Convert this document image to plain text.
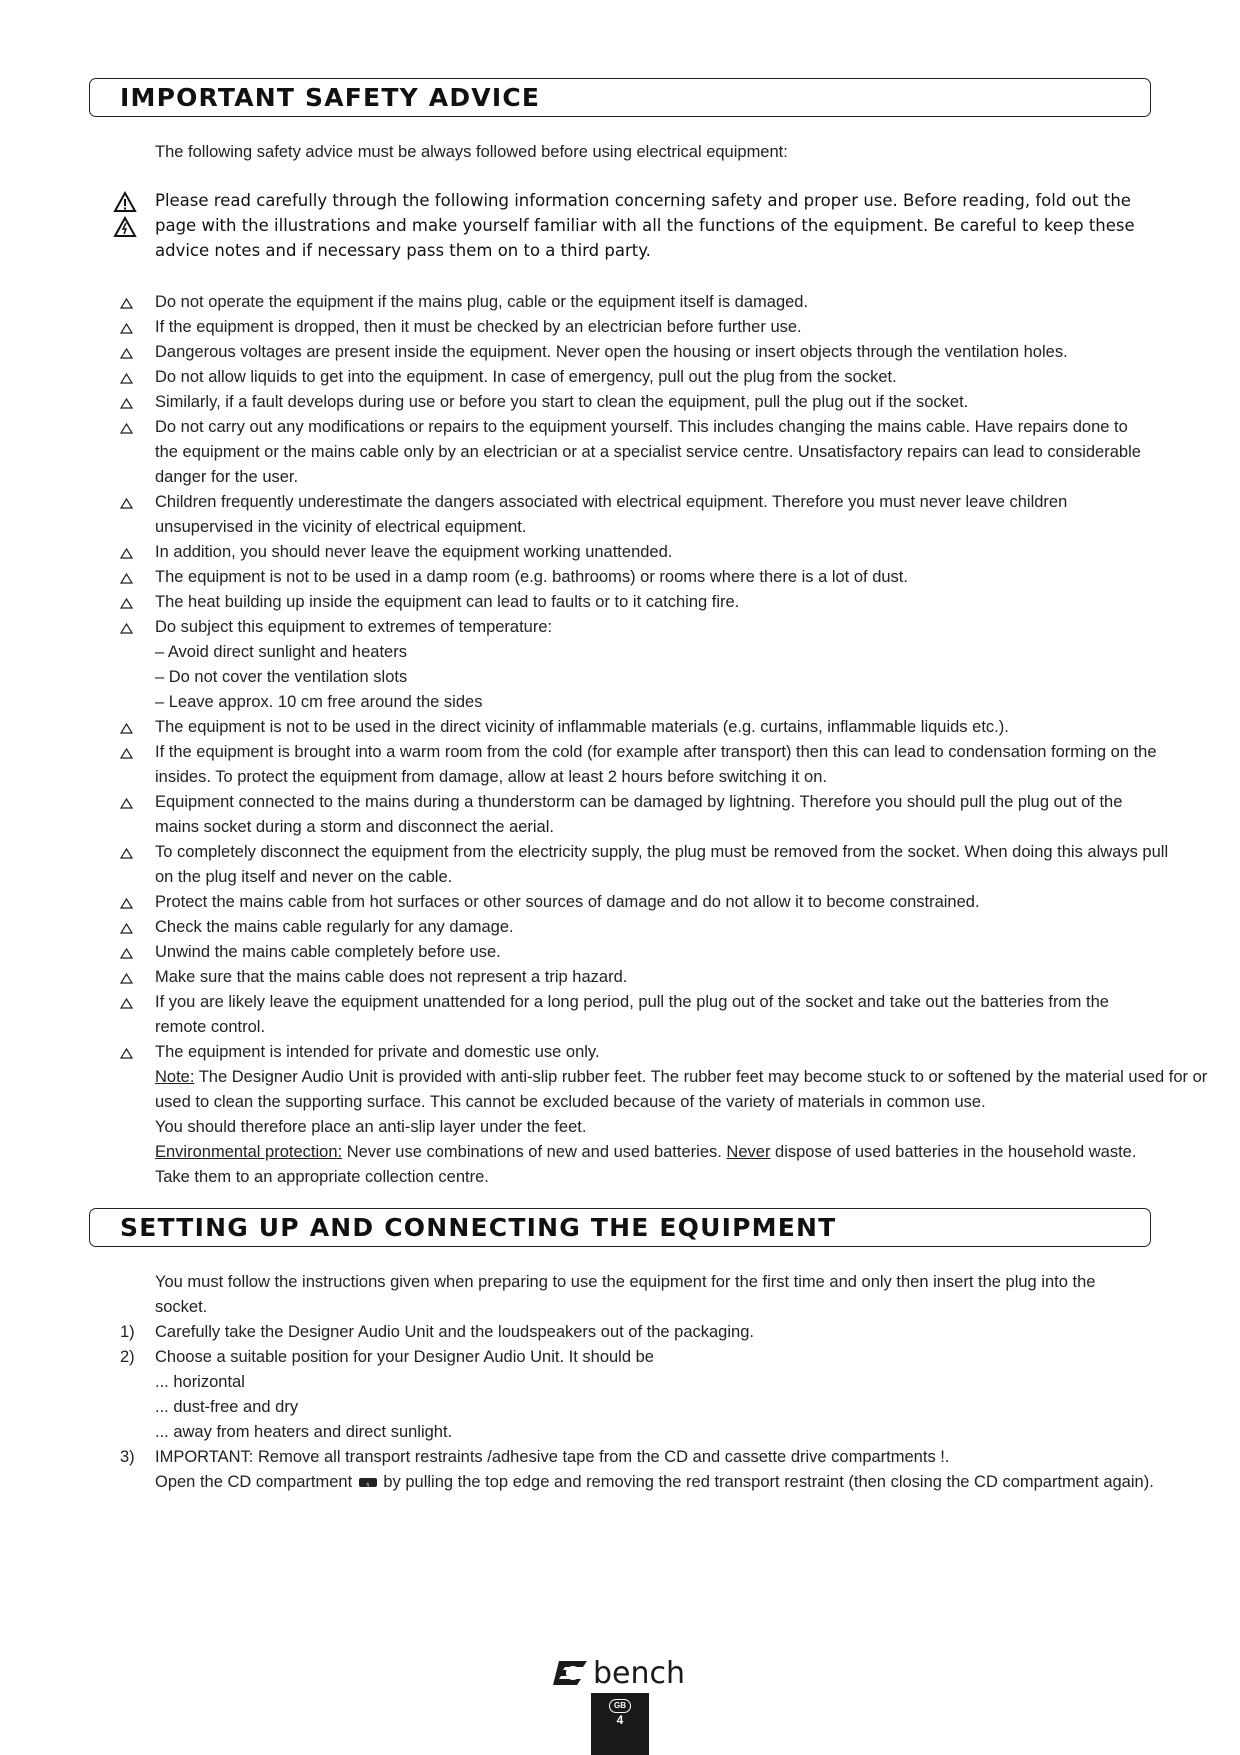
IMPORTANT SAFETY ADVICE
The following safety advice must be always followed before using electrical equipment:
Please read carefully through the following information concerning safety and proper use. Before reading, fold out the page with the illustrations and make yourself familiar with all the functions of the equipment. Be careful to keep these advice notes and if necessary pass them on to a third party.
Do not operate the equipment if the mains plug, cable or the equipment itself is damaged.
If the equipment is dropped, then it must be checked by an electrician before further use.
Dangerous voltages are present inside the equipment. Never open the housing or insert objects through the ventilation holes.
Do not allow liquids to get into the equipment. In case of emergency, pull out the plug from the socket.
Similarly, if a fault develops during use or before you start to clean the equipment, pull the plug out if the socket.
Do not carry out any modifications or repairs to the equipment yourself. This includes changing the mains cable. Have repairs done to the equipment or the mains cable only by an electrician or at a specialist service centre. Unsatisfactory repairs can lead to considerable danger for the user.
Children frequently underestimate the dangers associated with electrical equipment. Therefore you must never leave children unsupervised in the vicinity of electrical equipment.
In addition, you should never leave the equipment working unattended.
The equipment is not to be used in a damp room (e.g. bathrooms) or rooms where there is a lot of dust.
The heat building up inside the equipment can lead to faults or to it catching fire.
Do subject this equipment to extremes of temperature:
– Avoid direct sunlight and heaters
– Do not cover the ventilation slots
– Leave approx. 10 cm free around the sides
The equipment is not to be used in the direct vicinity of inflammable materials (e.g. curtains, inflammable liquids etc.).
If the equipment is brought into a warm room from the cold (for example after transport) then this can lead to condensation forming on the insides. To protect the equipment from damage, allow at least 2 hours before switching it on.
Equipment connected to the mains during a thunderstorm can be damaged by lightning. Therefore you should pull the plug out of the mains socket during a storm and disconnect the aerial.
To completely disconnect the equipment from the electricity supply, the plug must be removed from the socket. When doing this always pull on the plug itself and never on the cable.
Protect the mains cable from hot surfaces or other sources of damage and do not allow it to become constrained.
Check the mains cable regularly for any damage.
Unwind the mains cable completely before use.
Make sure that the mains cable does not represent a trip hazard.
If you are likely leave the equipment unattended for a long period, pull the plug out of the socket and take out the batteries from the remote control.
The equipment is intended for private and domestic use only.
Note: The Designer Audio Unit is provided with anti-slip rubber feet. The rubber feet may become stuck to or softened by the material used for or used to clean the supporting surface. This cannot be excluded because of the variety of materials in common use.
You should therefore place an anti-slip layer under the feet.
Environmental protection: Never use combinations of new and used batteries. Never dispose of used batteries in the household waste. Take them to an appropriate collection centre.
SETTING UP AND CONNECTING THE EQUIPMENT
You must follow the instructions given when preparing to use the equipment for the first time and only then insert the plug into the socket.
1) Carefully take the Designer Audio Unit and the loudspeakers out of the packaging.
2) Choose a suitable position for your Designer Audio Unit. It should be
... horizontal
... dust-free and dry
... away from heaters and direct sunlight.
3) IMPORTANT: Remove all transport restraints /adhesive tape from the CD and cassette drive compartments !.
Open the CD compartment 1 by pulling the top edge and removing the red transport restraint (then closing the CD compartment again).
bench
GB
4
